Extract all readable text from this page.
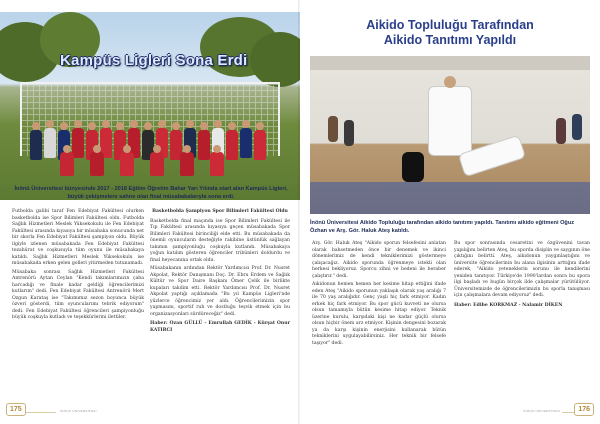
Kampüs Ligleri Sona Erdi
İnönü Üniversitesi bünyesinde 2017 - 2018 Eğitim Öğretim Bahar Yarı Yılında start alan Kampüs Ligleri, büyük çekişmelere sahne olan final müsabakalarıyla sona erdi.

Futbolda galibi taraf Fen Edebiyat Fakültesi olurken basketbolda ise Spor Bilimleri Fakültesi oldu. Futbolda Sağlık Hizmetleri Meslek Yüksekokulu ile Fen Edebiyat Fakültesi arasında kıyasıya bir müsabaka sonucunda net bir skorla Fen Edebiyat Fakültesi şampiyon oldu. Büyük ilgiyle izlenen müsabakada Fen Edebiyat Fakültesi tezahürat ve coşkusuyla tüm oyunu ile müsabakaya katıldı. Sağlık Hizmetleri Meslek Yüksekokulu ise müsabakada erken gelen golleri yitirmeden tutunamadı.

Müsabaka sonrası Sağlık Hizmetleri Fakültesi Antrenörü Aytan Ceylan "Kendi takımlarımızın çaba harcadığı ve finale kadar geldiği öğrencilerimizi kutlarım" dedi. Fen Edebiyat Fakültesi Antrenörü Mert Ozgun Karataş ise "Takımımız sezon boyunca büyük özveri gösterdi, tüm oyuncularımı tebrik ediyorum" dedi. Fen Edebiyat Fakültesi öğrencileri şampiyonluğu büyük coşkuyla kutladı ve teşekkürlerini ilettiler.

Basketbolda Şampiyon Spor Bilimleri Fakültesi Oldu

Basketbolda final maçında ise Spor Bilimleri Fakültesi ile Tıp Fakültesi arasında kıyasıya geçen müsabakada Spor Bilimleri Fakültesi birinciliği elde etti. Bu müsabakada da önemli oyuncuların desteğiyle rakibine üstünlük sağlayan takımın şampiyonluğu coşkuyla kutlandı. Müsabakaya yoğun katılım gösteren öğrenciler tribünleri doldurdu ve final heyecanına ortak oldu.

Müsabakanın ardından Rektör Yardımcısı Prof. Dr. Nusret Akpolat, Rektör Danışmanı Doç. Dr. Ebru Erdem ve Sağlık Kültür ve Spor Daire Başkanı Ömer Çelik ile birlikte kupaları takdim etti. Rektör Yardımcısı Prof. Dr. Nusret Akpolat yaptığı açıklamada "Bu yıl Kampüs Ligleri'nde yüzlerce öğrencimiz yer aldı. Öğrencilerimizin spor yapmasını, sportif ruh ve dostluğu teşvik etmek için bu organizasyonları sürdüreceğiz" dedi.

Haber: Ozan GÜLLÜ - Emrullah GEDİK - Kürşat Onur KATIRCI

175	İNÖNÜ ÜNİVERSİTESİ
Aikido Topluluğu Tarafından
Aikido Tanıtımı Yapıldı
İnönü Üniversitesi Aikido Topluluğu tarafından aikido tanıtımı yapıldı. Tanıtımı aikido eğitmeni Oğuz Özhan ve Arş. Gör. Haluk Ateş katıldı.

Arş. Gör. Haluk Ateş "Aikido sporun felsefesini anlatan olarak bahsetmeden önce bir denemek ve ikinci dönemlerimiz de kendi tekniklerimizi göstermeye çalışacağız. Aikido sporunda öğrenmeye istekli olan herkesi bekliyoruz. Sporcu zihni ve bedeni ile beraber çalıştırır." dedi.

Aikidonun hemen hemen her kesime hitap ettiğini ifade eden Ateş "Aikido sporunun yaklaşık olarak yaş aralığı 7 ile 70 yaş aralığıdır. Genç yaşlı hiç fark etmiyor. Kadın erkek hiç fark etmiyor. Bu spor gücü kuvveti ne olursa olsun tamamıyla bütün kesime hitap ediyor. Teknik üzerine kurulu, karşıdaki kişi ne kadar güçlü olursa olsun hiçbir önem arz etmiyor. Kişinin dengesini bozarak ya da karşı kişinin enerjisini kullanarak bütün tekniklerini uygulayabilirsiniz. Her teknik bir felsefe taşıyor" dedi.

Bu spor sonrasında cesaretini ve özgüvenini tavan yapılığını belirten Ateş, bu sporda disiplin ve saygının öne çıktığını belirtti. Ateş, aikidonun yaygınlaştığını ve üniversite öğrencilerinin bu alana ilgisinin arttığını ifade ederek, "Aikido yeteneklerin sorunu ile kendilerini yeniden tanıtıyor. Türkiye'de 1990'lardan sonra bu spora ilgi başladı ve bugün birçok ilde çalışmalar yürütülüyor. Üniversitemizde de öğrencilerimizin bu sporla tanışması için çalışmalara devam ediyoruz" dedi.

Haber: Edibe KORKMAZ - Nalamir DİKEN

İNÖNÜ ÜNİVERSİTESİ	176
